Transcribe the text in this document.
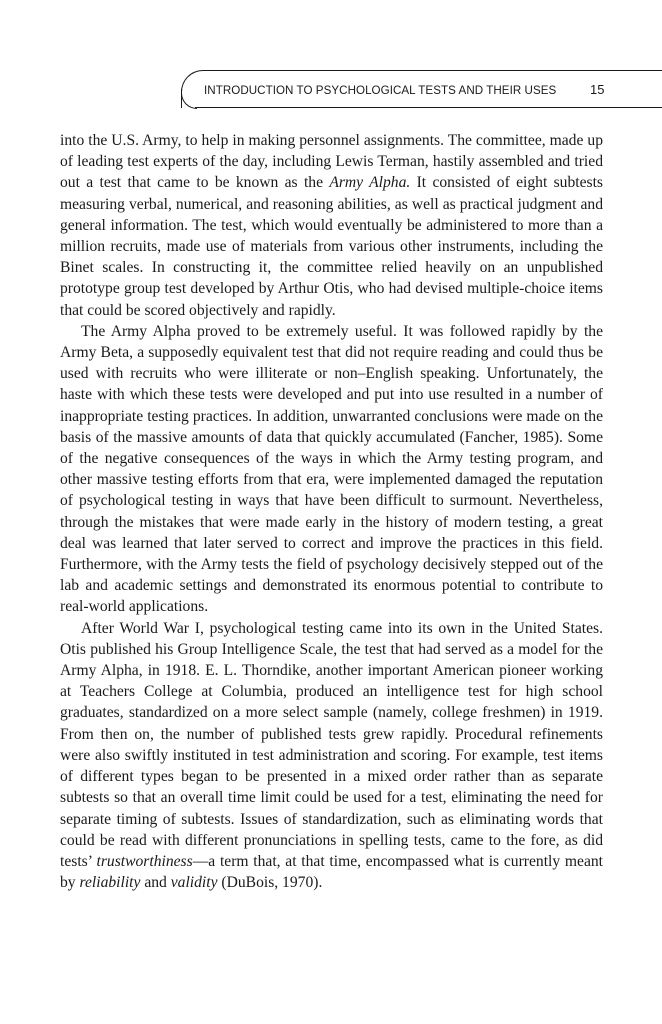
INTRODUCTION TO PSYCHOLOGICAL TESTS AND THEIR USES	15

into the U.S. Army, to help in making personnel assignments. The committee, made up of leading test experts of the day, including Lewis Terman, hastily assembled and tried out a test that came to be known as the Army Alpha. It consisted of eight subtests measuring verbal, numerical, and reasoning abilities, as well as practical judgment and general information. The test, which would eventually be administered to more than a million recruits, made use of materials from various other instruments, including the Binet scales. In constructing it, the committee relied heavily on an unpublished prototype group test developed by Arthur Otis, who had devised multiple-choice items that could be scored objectively and rapidly.

The Army Alpha proved to be extremely useful. It was followed rapidly by the Army Beta, a supposedly equivalent test that did not require reading and could thus be used with recruits who were illiterate or non–English speaking. Unfortunately, the haste with which these tests were developed and put into use resulted in a number of inappropriate testing practices. In addition, unwarranted conclusions were made on the basis of the massive amounts of data that quickly accumulated (Fancher, 1985). Some of the negative consequences of the ways in which the Army testing program, and other massive testing efforts from that era, were implemented damaged the reputation of psychological testing in ways that have been difficult to surmount. Nevertheless, through the mistakes that were made early in the history of modern testing, a great deal was learned that later served to correct and improve the practices in this field. Furthermore, with the Army tests the field of psychology decisively stepped out of the lab and academic settings and demonstrated its enormous potential to contribute to real-world applications.

After World War I, psychological testing came into its own in the United States. Otis published his Group Intelligence Scale, the test that had served as a model for the Army Alpha, in 1918. E. L. Thorndike, another important American pioneer working at Teachers College at Columbia, produced an intelligence test for high school graduates, standardized on a more select sample (namely, college freshmen) in 1919. From then on, the number of published tests grew rapidly. Procedural refinements were also swiftly instituted in test administration and scoring. For example, test items of different types began to be presented in a mixed order rather than as separate subtests so that an overall time limit could be used for a test, eliminating the need for separate timing of subtests. Issues of standardization, such as eliminating words that could be read with different pronunciations in spelling tests, came to the fore, as did tests’ trustworthiness—a term that, at that time, encompassed what is currently meant by reliability and validity (DuBois, 1970).
